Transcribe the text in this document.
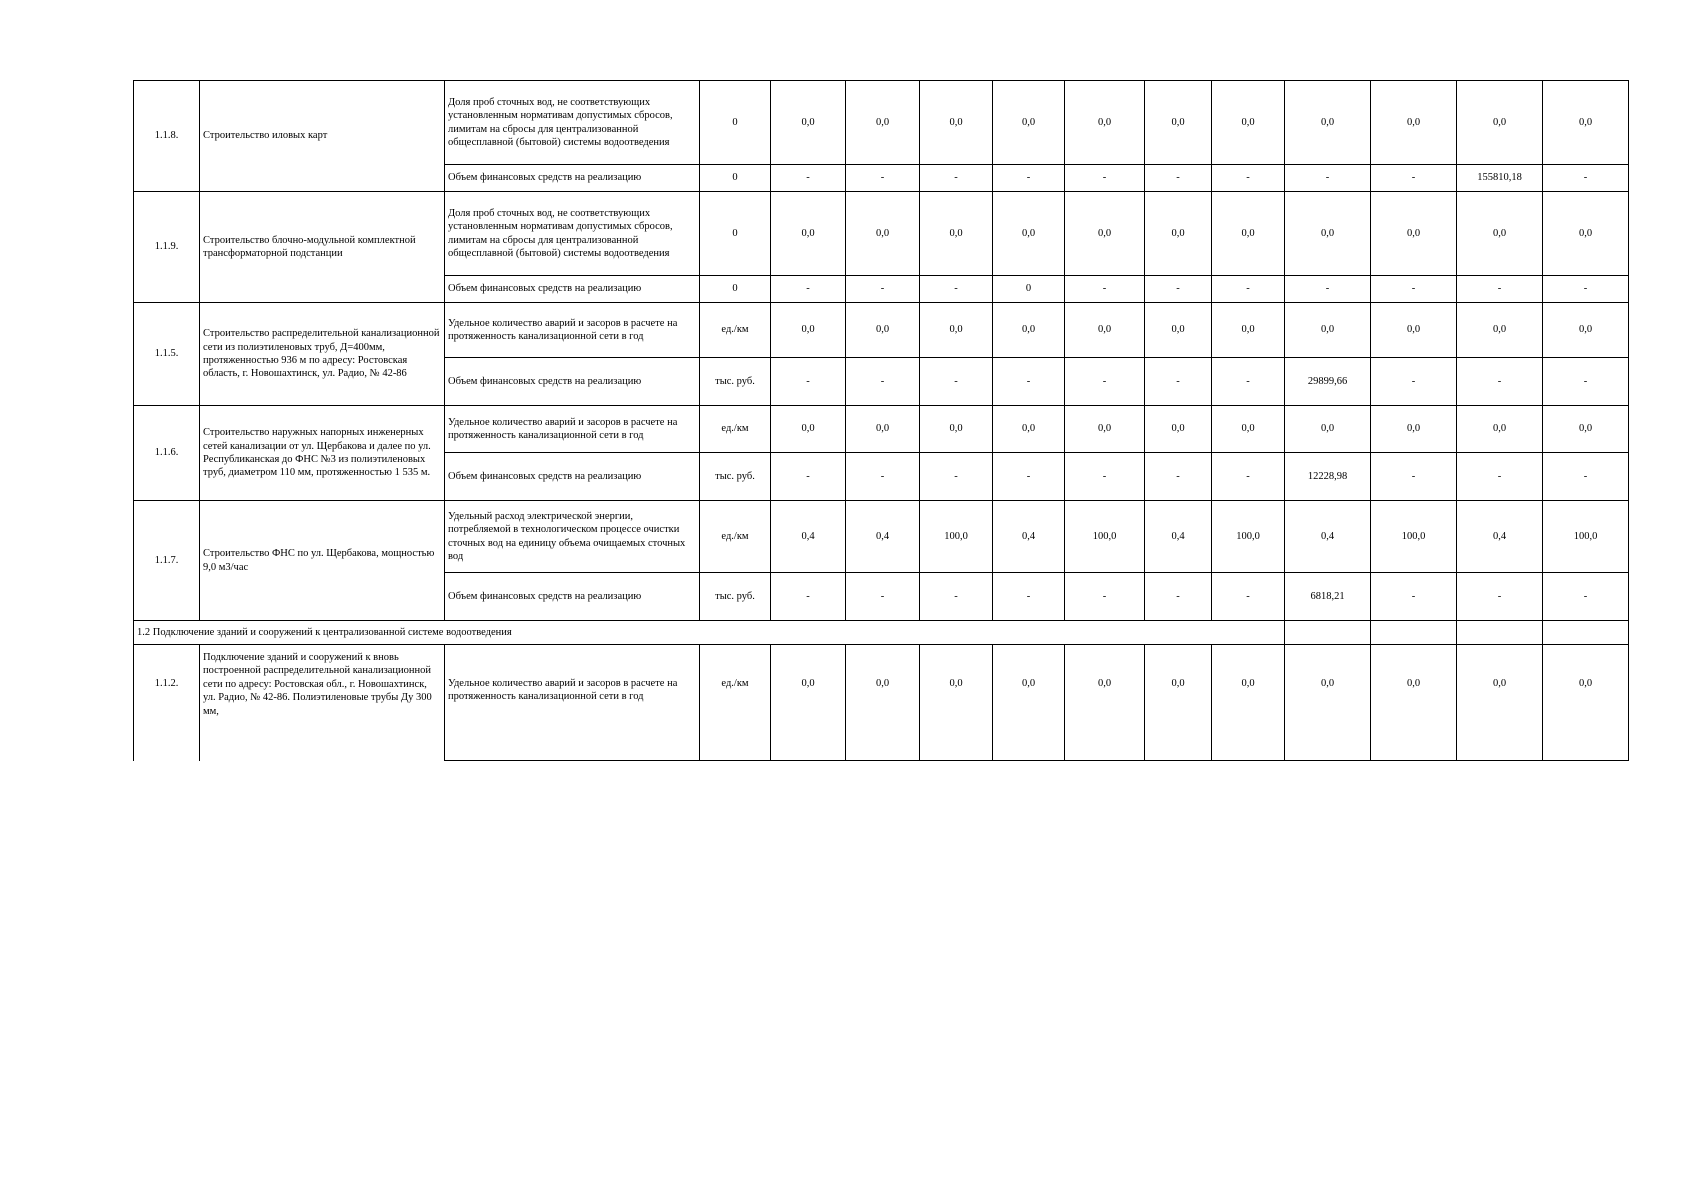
1.1.8.	Строительство иловых карт	Доля проб сточных вод, не соответствующих установленным нормативам допустимых сбросов, лимитам на сбросы для централизованной общесплавной (бытовой) системы водоотведения	0	0,0	0,0	0,0	0,0	0,0	0,0	0,0	0,0	0,0	0,0	0,0
		Объем финансовых средств на реализацию	0	-	-	-	-	-	-	-	-	-	155810,18	-
1.1.9.	Строительство блочно-модульной комплектной трансформаторной подстанции	Доля проб сточных вод, не соответствующих установленным нормативам допустимых сбросов, лимитам на сбросы для централизованной общесплавной (бытовой) системы водоотведения	0	0,0	0,0	0,0	0,0	0,0	0,0	0,0	0,0	0,0	0,0	0,0
		Объем финансовых средств на реализацию	0	-	-	-	0	-	-	-	-	-	-	-
1.1.5.	Строительство распределительной канализационной сети из полиэтиленовых труб, Д=400мм, протяженностью 936 м по адресу: Ростовская область, г. Новошахтинск, ул. Радио, № 42-86	Удельное количество аварий и засоров в расчете на протяженность канализационной сети в год	ед./км	0,0	0,0	0,0	0,0	0,0	0,0	0,0	0,0	0,0	0,0	0,0
		Объем финансовых средств на реализацию	тыс. руб.	-	-	-	-	-	-	-	29899,66	-	-	-
1.1.6.	Строительство наружных напорных инженерных сетей канализации от ул. Щербакова и далее по ул. Республиканская до ФНС №3 из полиэтиленовых труб, диаметром 110 мм, протяженностью 1 535 м.	Удельное количество аварий и засоров в расчете на протяженность канализационной сети в год	ед./км	0,0	0,0	0,0	0,0	0,0	0,0	0,0	0,0	0,0	0,0	0,0
		Объем финансовых средств на реализацию	тыс. руб.	-	-	-	-	-	-	-	12228,98	-	-	-
1.1.7.	Строительство ФНС по ул. Щербакова, мощностью 9,0 м3/час	Удельный расход электрической энергии, потребляемой в технологическом процессе очистки сточных вод на единицу объема очищаемых сточных вод	ед./км	0,4	0,4	100,0	0,4	100,0	0,4	100,0	0,4	100,0	0,4	100,0
		Объем финансовых средств на реализацию	тыс. руб.	-	-	-	-	-	-	-	6818,21	-	-	-
1.2 Подключение зданий и сооружений к централизованной системе водоотведения														
1.1.2.	Подключение зданий и сооружений к вновь построенной распределительной канализационной сети по адресу: Ростовская обл., г. Новошахтинск, ул. Радио, № 42-86. Полиэтиленовые трубы Ду 300 мм,	Удельное количество аварий и засоров в расчете на протяженность канализационной сети в год	ед./км	0,0	0,0	0,0	0,0	0,0	0,0	0,0	0,0	0,0	0,0	0,0
